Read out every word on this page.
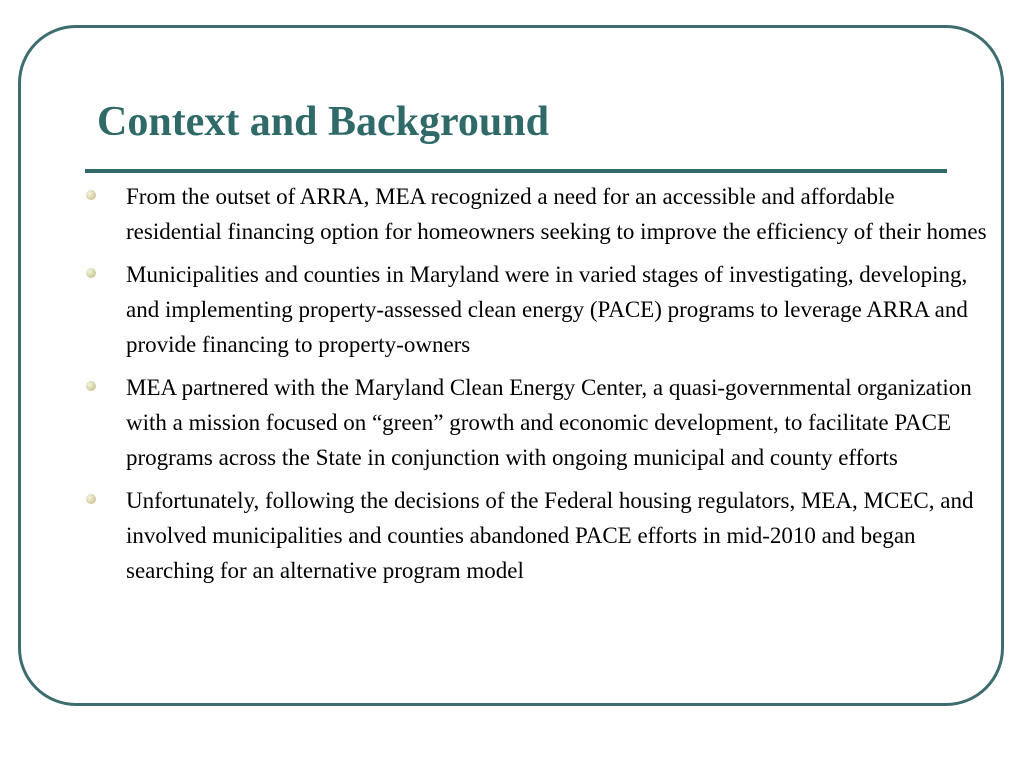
Context and Background
From the outset of ARRA, MEA recognized a need for an accessible and affordable residential financing option for homeowners seeking to improve the efficiency of their homes
Municipalities and counties in Maryland were in varied stages of investigating, developing, and implementing property-assessed clean energy (PACE) programs to leverage ARRA and provide financing to property-owners
MEA partnered with the Maryland Clean Energy Center, a quasi-governmental organization with a mission focused on “green” growth and economic development, to facilitate PACE programs across the State in conjunction with ongoing municipal and county efforts
Unfortunately, following the decisions of the Federal housing regulators, MEA, MCEC, and involved municipalities and counties abandoned PACE efforts in mid-2010 and began searching for an alternative program model
